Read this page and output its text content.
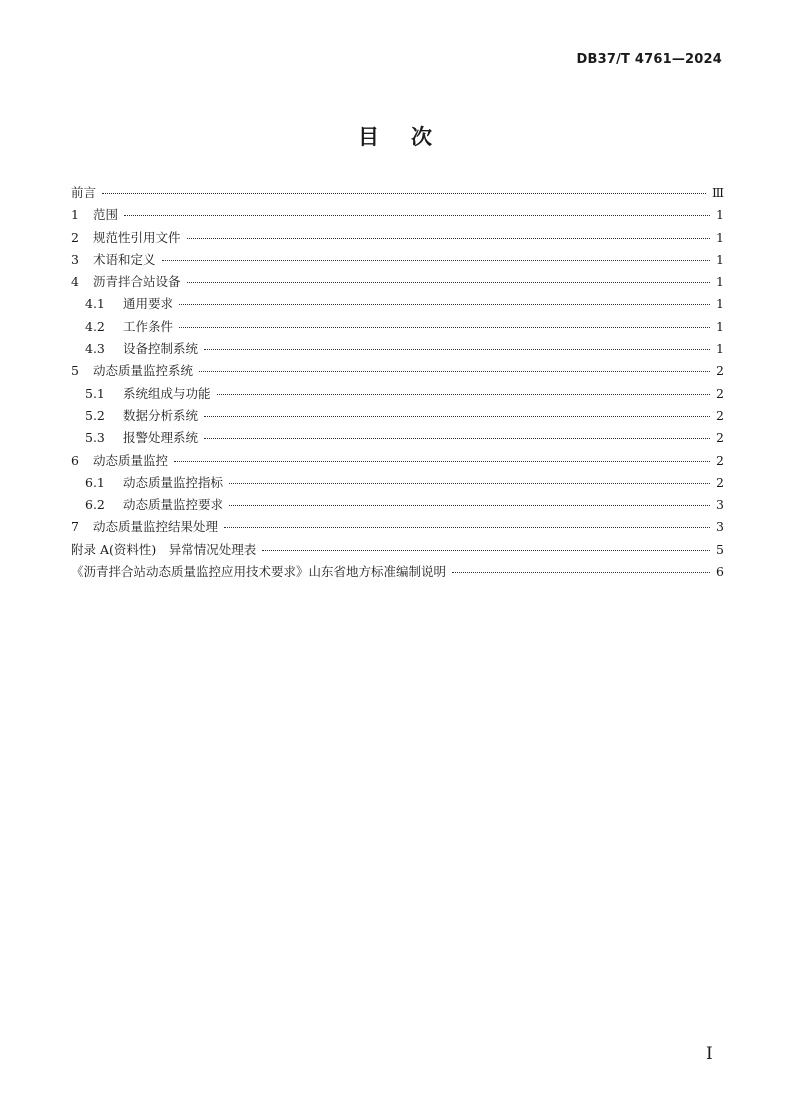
DB37/T 4761—2024
目次
前言	Ⅲ
1	范围	1
2	规范性引用文件	1
3	术语和定义	1
4	沥青拌合站设备	1
4.1	通用要求	1
4.2	工作条件	1
4.3	设备控制系统	1
5	动态质量监控系统	2
5.1	系统组成与功能	2
5.2	数据分析系统	2
5.3	报警处理系统	2
6	动态质量监控	2
6.1	动态质量监控指标	2
6.2	动态质量监控要求	3
7	动态质量监控结果处理	3
附录 A(资料性)　异常情况处理表	5
《沥青拌合站动态质量监控应用技术要求》山东省地方标准编制说明	6
I
